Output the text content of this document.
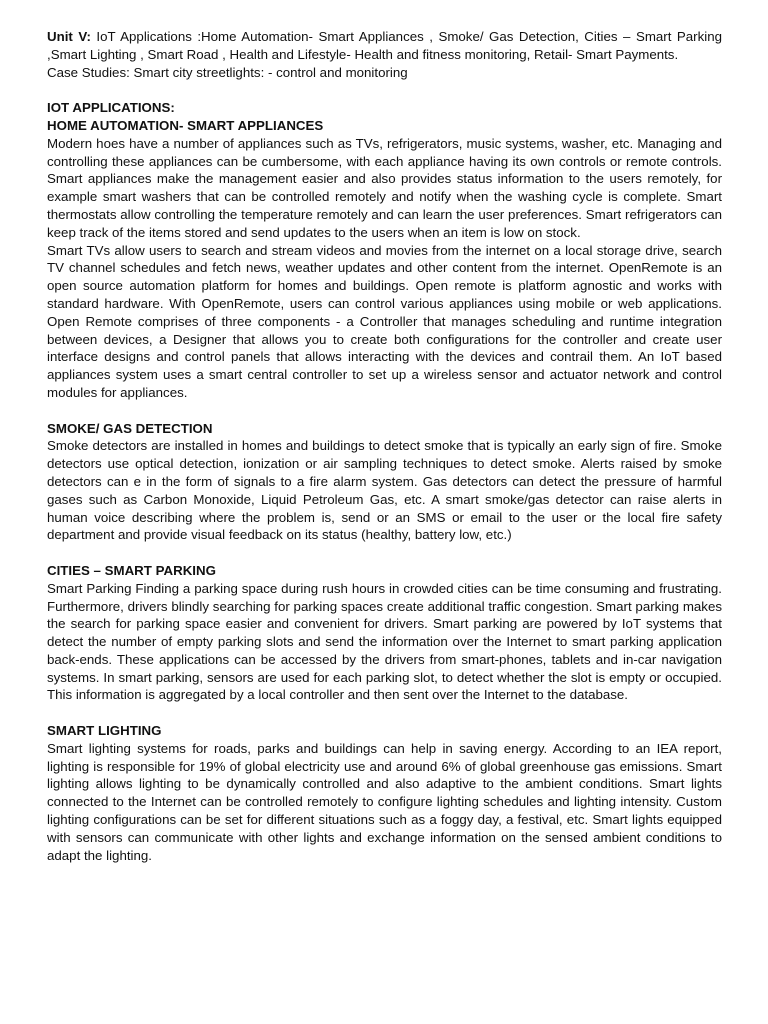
Unit V: IoT Applications :Home Automation- Smart Appliances , Smoke/ Gas Detection, Cities – Smart Parking ,Smart Lighting , Smart Road , Health and Lifestyle- Health and fitness monitoring, Retail- Smart Payments.

Case Studies: Smart city streetlights: - control and monitoring

IOT APPLICATIONS:

HOME AUTOMATION- SMART APPLIANCES

Modern hoes have a number of appliances such as TVs, refrigerators, music systems, washer, etc. Managing and controlling these appliances can be cumbersome, with each appliance having its own controls or remote controls. Smart appliances make the management easier and also provides status information to the users remotely, for example smart washers that can be controlled remotely and notify when the washing cycle is complete. Smart thermostats allow controlling the temperature remotely and can learn the user preferences. Smart refrigerators can keep track of the items stored and send updates to the users when an item is low on stock.

Smart TVs allow users to search and stream videos and movies from the internet on a local storage drive, search TV channel schedules and fetch news, weather updates and other content from the internet. OpenRemote is an open source automation platform for homes and buildings. Open remote is platform agnostic and works with standard hardware. With OpenRemote, users can control various appliances using mobile or web applications. Open Remote comprises of three components - a Controller that manages scheduling and runtime integration between devices, a Designer that allows you to create both configurations for the controller and create user interface designs and control panels that allows interacting with the devices and contrail them. An IoT based appliances system uses a smart central controller to set up a wireless sensor and actuator network and control modules for appliances.

SMOKE/ GAS DETECTION

Smoke detectors are installed in homes and buildings to detect smoke that is typically an early sign of fire. Smoke detectors use optical detection, ionization or air sampling techniques to detect smoke. Alerts raised by smoke detectors can e in the form of signals to a fire alarm system. Gas detectors can detect the pressure of harmful gases such as Carbon Monoxide, Liquid Petroleum Gas, etc. A smart smoke/gas detector can raise alerts in human voice describing where the problem is, send or an SMS or email to the user or the local fire safety department and provide visual feedback on its status (healthy, battery low, etc.)

CITIES – SMART PARKING

Smart Parking Finding a parking space during rush hours in crowded cities can be time consuming and frustrating. Furthermore, drivers blindly searching for parking spaces create additional traffic congestion. Smart parking makes the search for parking space easier and convenient for drivers. Smart parking are powered by IoT systems that detect the number of empty parking slots and send the information over the Internet to smart parking application back-ends. These applications can be accessed by the drivers from smart-phones, tablets and in-car navigation systems. In smart parking, sensors are used for each parking slot, to detect whether the slot is empty or occupied. This information is aggregated by a local controller and then sent over the Internet to the database.

SMART LIGHTING

Smart lighting systems for roads, parks and buildings can help in saving energy. According to an IEA report, lighting is responsible for 19% of global electricity use and around 6% of global greenhouse gas emissions. Smart lighting allows lighting to be dynamically controlled and also adaptive to the ambient conditions. Smart lights connected to the Internet can be controlled remotely to configure lighting schedules and lighting intensity. Custom lighting configurations can be set for different situations such as a foggy day, a festival, etc. Smart lights equipped with sensors can communicate with other lights and exchange information on the sensed ambient conditions to adapt the lighting.
